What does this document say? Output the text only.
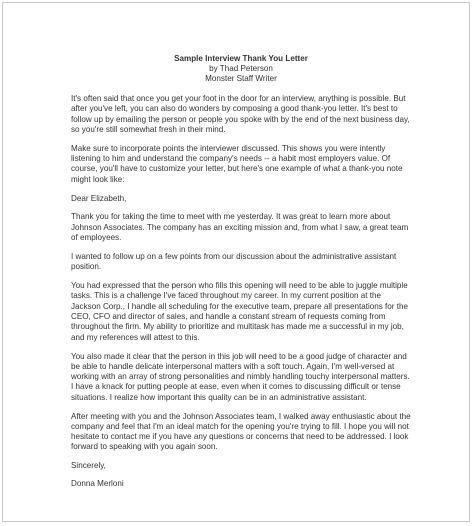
Sample Interview Thank You Letter
by Thad Peterson
Monster Staff Writer

It's often said that once you get your foot in the door for an interview, anything is possible. But after you've left, you can also do wonders by composing a good thank-you letter. It's best to follow up by emailing the person or people you spoke with by the end of the next business day, so you're still somewhat fresh in their mind.

Make sure to incorporate points the interviewer discussed. This shows you were intently listening to him and understand the company's needs -- a habit most employers value. Of course, you'll have to customize your letter, but here's one example of what a thank-you note might look like:

Dear Elizabeth,

Thank you for taking the time to meet with me yesterday. It was great to learn more about Johnson Associates. The company has an exciting mission and, from what I saw, a great team of employees.

I wanted to follow up on a few points from our discussion about the administrative assistant position.

You had expressed that the person who fills this opening will need to be able to juggle multiple tasks. This is a challenge I've faced throughout my career. In my current position at the Jackson Corp., I handle all scheduling for the executive team, prepare all presentations for the CEO, CFO and director of sales, and handle a constant stream of requests coming from throughout the firm. My ability to prioritize and multitask has made me a successful in my job, and my references will attest to this.

You also made it clear that the person in this job will need to be a good judge of character and be able to handle delicate interpersonal matters with a soft touch. Again, I'm well-versed at working with an array of strong personalities and nimbly handling touchy interpersonal matters. I have a knack for putting people at ease, even when it comes to discussing difficult or tense situations. I realize how important this quality can be in an administrative assistant.

After meeting with you and the Johnson Associates team, I walked away enthusiastic about the company and feel that I'm an ideal match for the opening you're trying to fill. I hope you will not hesitate to contact me if you have any questions or concerns that need to be addressed. I look forward to speaking with you again soon.

Sincerely,

Donna Merloni
